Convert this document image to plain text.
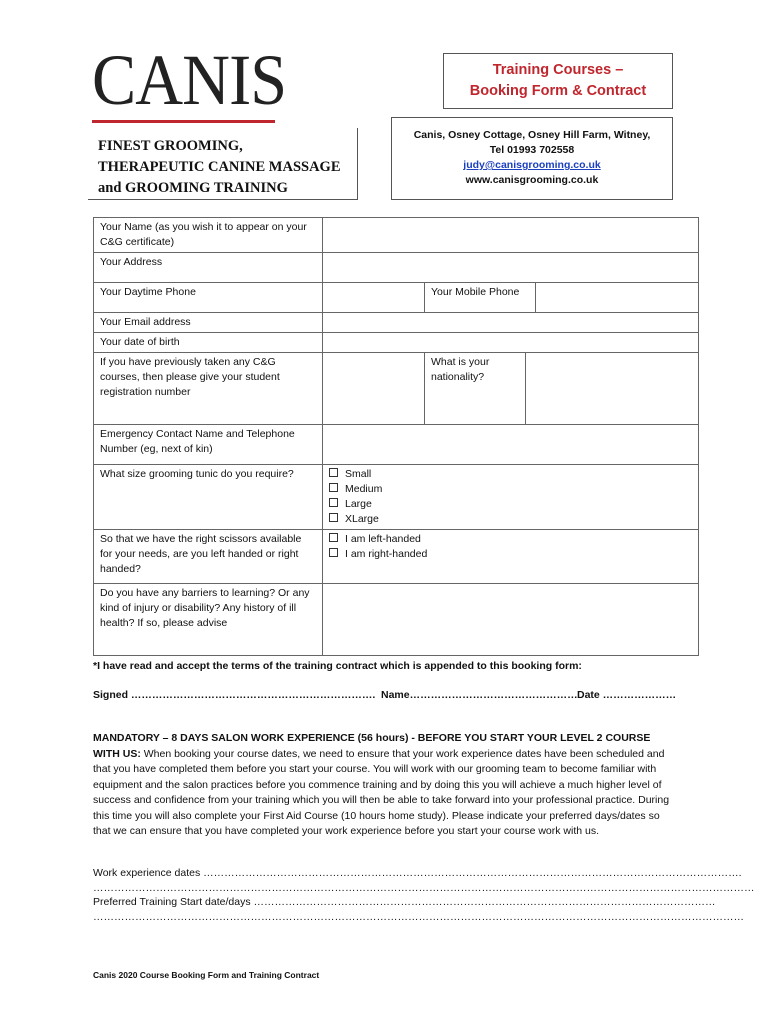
CANIS	Training Courses –
Booking Form & Contract
FINEST GROOMING,
THERAPEUTIC CANINE MASSAGE
and GROOMING TRAINING
Canis, Osney Cottage, Osney Hill Farm, Witney,
Tel 01993 702558
judy@canisgrooming.co.uk
www.canisgrooming.co.uk
Your Name (as you wish it to appear on your C&G certificate)				
Your Address				
Your Daytime Phone		Your Mobile Phone		
Your Email address				
Your date of birth				
If you have previously taken any C&G courses, then please give your student registration number		What is your nationality?		
Emergency Contact Name and Telephone Number (eg, next of kin)				
What size grooming tunic do you require?	Small
Medium
Large
XLarge			

So that we have the right scissors available for your needs, are you left handed or right handed?	I am left-handed
I am right-handed			

Do you have any barriers to learning? Or any kind of injury or disability? Any history of ill health? If so, please advise				
*I have read and accept the terms of the training contract which is appended to this booking form:
Signed ……………………………………………………………. Name………………………………………… Date …………………
MANDATORY – 8 DAYS SALON WORK EXPERIENCE (56 hours) - BEFORE YOU START YOUR LEVEL 2 COURSE WITH US: When booking your course dates, we need to ensure that your work experience dates have been scheduled and that you have completed them before you start your course. You will work with our grooming team to become familiar with equipment and the salon practices before you commence training and by doing this you will achieve a much higher level of success and confidence from your training which you will then be able to take forward into your professional practice. During this time you will also complete your First Aid Course (10 hours home study). Please indicate your preferred days/dates so that we can ensure that you have completed your work experience before you start your course work with us.
Work experience dates ……………………………………………………………………………………………………………………………………….
………………………………………………………………………………………………………………………………………………………………………
Preferred Training Start date/days ……………………………………………………………………………………………………………………
……………………………………………………………………………………………………………………………………………………………………
Canis 2020 Course Booking Form and Training Contract
